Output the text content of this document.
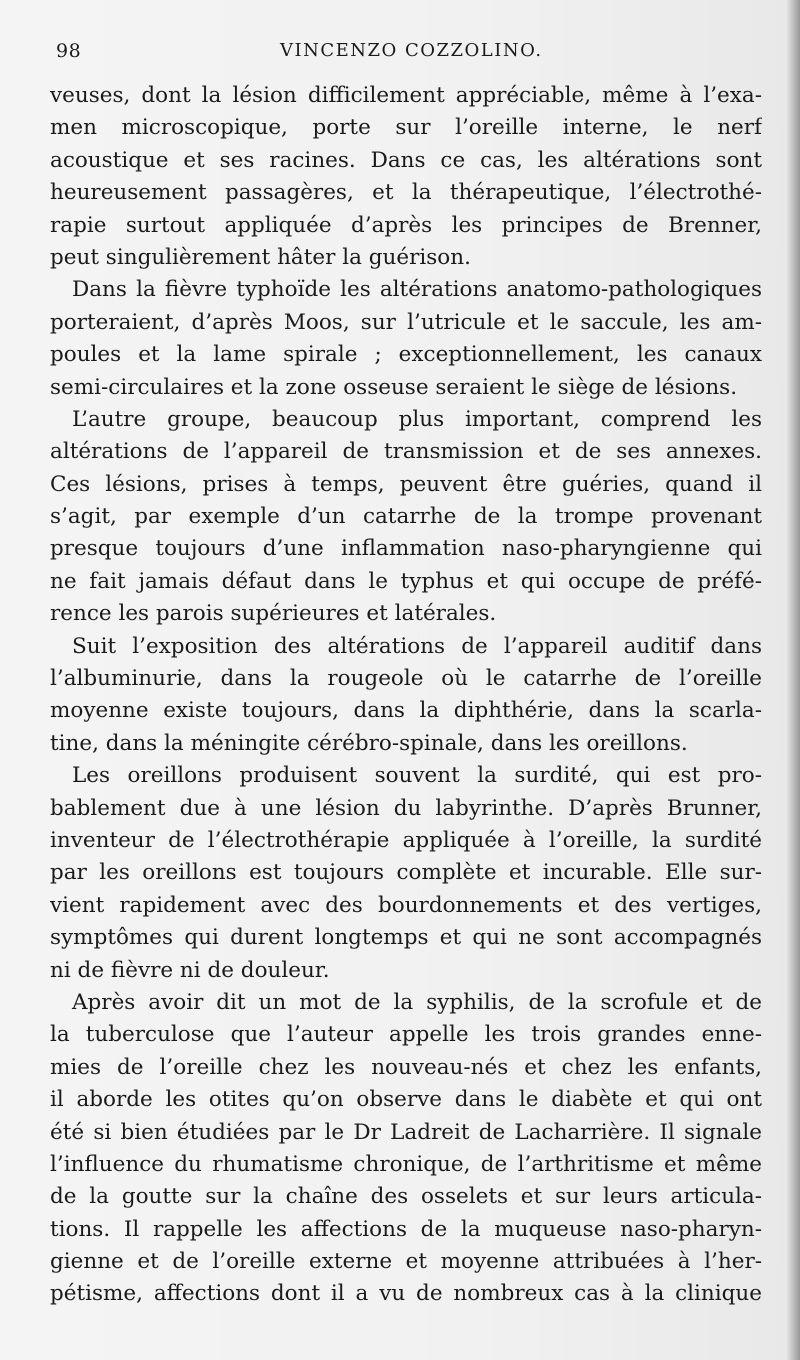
98	VINCENZO COZZOLINO.
veuses, dont la lésion difficilement appréciable, même à l’exa-
men microscopique, porte sur l’oreille interne, le nerf
acoustique et ses racines. Dans ce cas, les altérations sont
heureusement passagères, et la thérapeutique, l’électrothé-
rapie surtout appliquée d’après les principes de Brenner,
peut singulièrement hâter la guérison.
Dans la fièvre typhoïde les altérations anatomo-pathologiques
porteraient, d’après Moos, sur l’utricule et le saccule, les am-
poules et la lame spirale ; exceptionnellement, les canaux
semi-circulaires et la zone osseuse seraient le siège de lésions.
L’autre groupe, beaucoup plus important, comprend les
altérations de l’appareil de transmission et de ses annexes.
Ces lésions, prises à temps, peuvent être guéries, quand il
s’agit, par exemple d’un catarrhe de la trompe provenant
presque toujours d’une inflammation naso-pharyngienne qui
ne fait jamais défaut dans le typhus et qui occupe de préfé-
rence les parois supérieures et latérales.
Suit l’exposition des altérations de l’appareil auditif dans
l’albuminurie, dans la rougeole où le catarrhe de l’oreille
moyenne existe toujours, dans la diphthérie, dans la scarla-
tine, dans la méningite cérébro-spinale, dans les oreillons.
Les oreillons produisent souvent la surdité, qui est pro-
bablement due à une lésion du labyrinthe. D’après Brunner,
inventeur de l’électrothérapie appliquée à l’oreille, la surdité
par les oreillons est toujours complète et incurable. Elle sur-
vient rapidement avec des bourdonnements et des vertiges,
symptômes qui durent longtemps et qui ne sont accompagnés
ni de fièvre ni de douleur.
Après avoir dit un mot de la syphilis, de la scrofule et de
la tuberculose que l’auteur appelle les trois grandes enne-
mies de l’oreille chez les nouveau-nés et chez les enfants,
il aborde les otites qu’on observe dans le diabète et qui ont
été si bien étudiées par le Dr Ladreit de Lacharrière. Il signale
l’influence du rhumatisme chronique, de l’arthritisme et même
de la goutte sur la chaîne des osselets et sur leurs articula-
tions. Il rappelle les affections de la muqueuse naso-pharyn-
gienne et de l’oreille externe et moyenne attribuées à l’her-
pétisme, affections dont il a vu de nombreux cas à la clinique
